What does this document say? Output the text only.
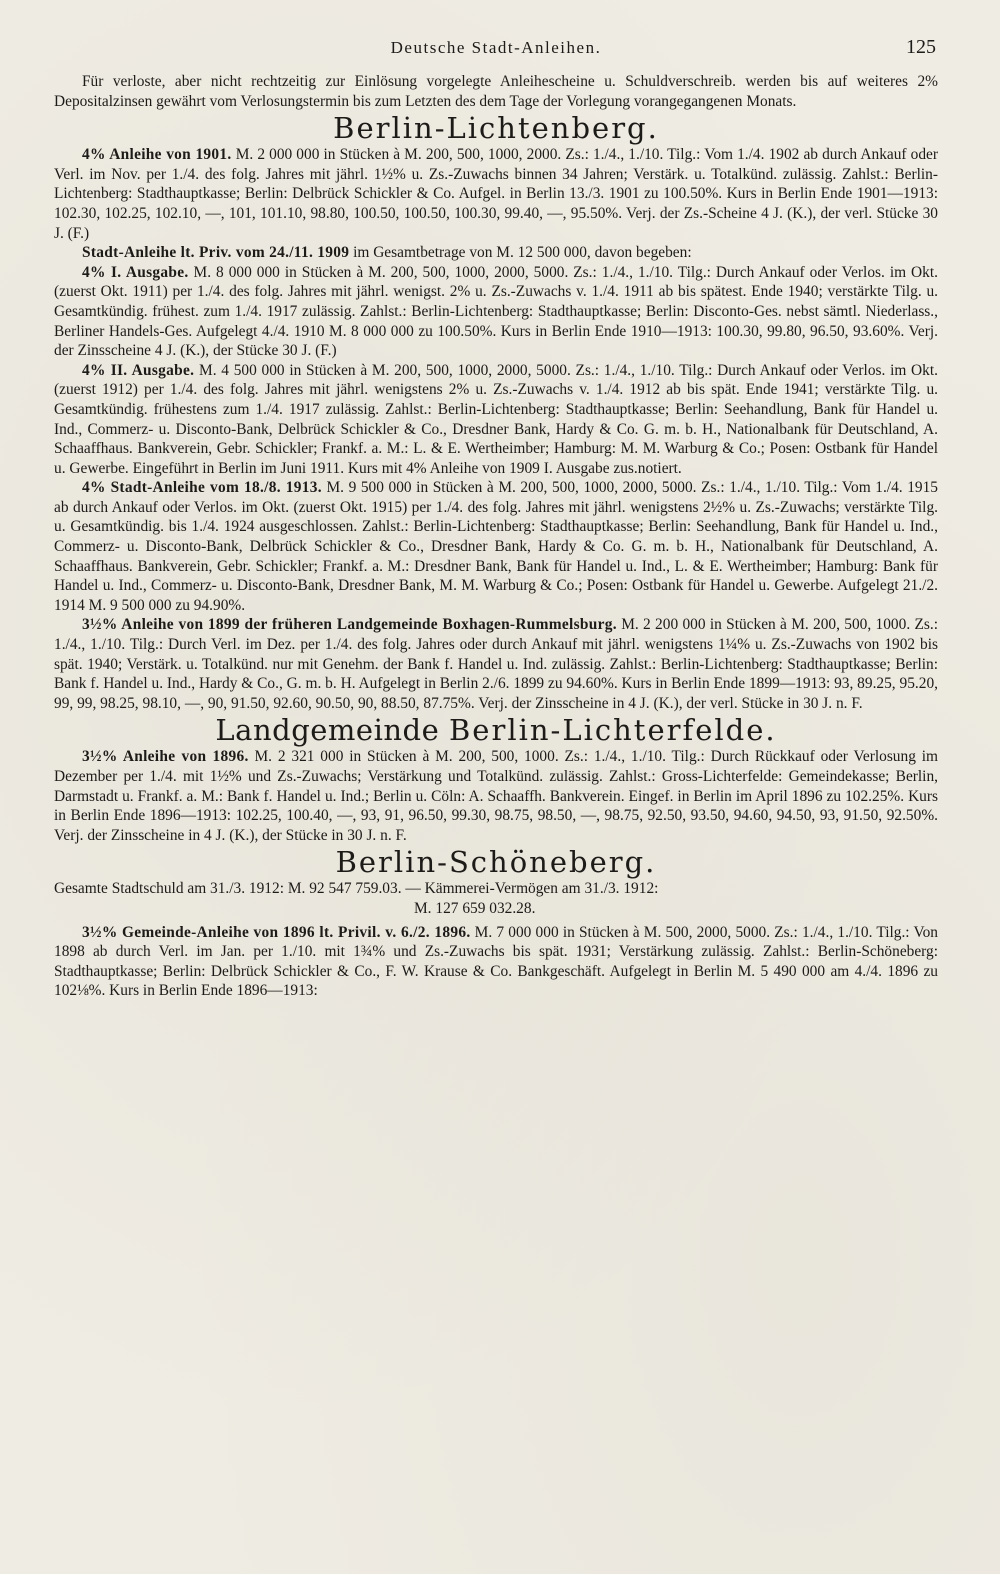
Deutsche Stadt-Anleihen.	125

Für verloste, aber nicht rechtzeitig zur Einlösung vorgelegte Anleihescheine u. Schuldverschreib. werden bis auf weiteres 2% Depositalzinsen gewährt vom Verlosungstermin bis zum Letzten des dem Tage der Vorlegung vorangegangenen Monats.

Berlin-Lichtenberg.

4% Anleihe von 1901. M. 2 000 000 in Stücken à M. 200, 500, 1000, 2000. Zs.: 1./4., 1./10. Tilg.: Vom 1./4. 1902 ab durch Ankauf oder Verl. im Nov. per 1./4. des folg. Jahres mit jährl. 1½% u. Zs.-Zuwachs binnen 34 Jahren; Verstärk. u. Totalkünd. zulässig. Zahlst.: Berlin-Lichtenberg: Stadthauptkasse; Berlin: Delbrück Schickler & Co. Aufgel. in Berlin 13./3. 1901 zu 100.50%. Kurs in Berlin Ende 1901—1913: 102.30, 102.25, 102.10, —, 101, 101.10, 98.80, 100.50, 100.50, 100.30, 99.40, —, 95.50%. Verj. der Zs.-Scheine 4 J. (K.), der verl. Stücke 30 J. (F.)

Stadt-Anleihe lt. Priv. vom 24./11. 1909 im Gesamtbetrage von M. 12 500 000, davon begeben:

4% I. Ausgabe. M. 8 000 000 in Stücken à M. 200, 500, 1000, 2000, 5000. Zs.: 1./4., 1./10. Tilg.: Durch Ankauf oder Verlos. im Okt. (zuerst Okt. 1911) per 1./4. des folg. Jahres mit jährl. wenigst. 2% u. Zs.-Zuwachs v. 1./4. 1911 ab bis spätest. Ende 1940; verstärkte Tilg. u. Gesamtkündig. frühest. zum 1./4. 1917 zulässig. Zahlst.: Berlin-Lichtenberg: Stadthauptkasse; Berlin: Disconto-Ges. nebst sämtl. Niederlass., Berliner Handels-Ges. Aufgelegt 4./4. 1910 M. 8 000 000 zu 100.50%. Kurs in Berlin Ende 1910—1913: 100.30, 99.80, 96.50, 93.60%. Verj. der Zinsscheine 4 J. (K.), der Stücke 30 J. (F.)

4% II. Ausgabe. M. 4 500 000 in Stücken à M. 200, 500, 1000, 2000, 5000. Zs.: 1./4., 1./10. Tilg.: Durch Ankauf oder Verlos. im Okt. (zuerst 1912) per 1./4. des folg. Jahres mit jährl. wenigstens 2% u. Zs.-Zuwachs v. 1./4. 1912 ab bis spät. Ende 1941; verstärkte Tilg. u. Gesamtkündig. frühestens zum 1./4. 1917 zulässig. Zahlst.: Berlin-Lichtenberg: Stadthauptkasse; Berlin: Seehandlung, Bank für Handel u. Ind., Commerz- u. Disconto-Bank, Delbrück Schickler & Co., Dresdner Bank, Hardy & Co. G. m. b. H., Nationalbank für Deutschland, A. Schaaffhaus. Bankverein, Gebr. Schickler; Frankf. a. M.: L. & E. Wertheimber; Hamburg: M. M. Warburg & Co.; Posen: Ostbank für Handel u. Gewerbe. Eingeführt in Berlin im Juni 1911. Kurs mit 4% Anleihe von 1909 I. Ausgabe zus.notiert.

4% Stadt-Anleihe vom 18./8. 1913. M. 9 500 000 in Stücken à M. 200, 500, 1000, 2000, 5000. Zs.: 1./4., 1./10. Tilg.: Vom 1./4. 1915 ab durch Ankauf oder Verlos. im Okt. (zuerst Okt. 1915) per 1./4. des folg. Jahres mit jährl. wenigstens 2½% u. Zs.-Zuwachs; verstärkte Tilg. u. Gesamtkündig. bis 1./4. 1924 ausgeschlossen. Zahlst.: Berlin-Lichtenberg: Stadthauptkasse; Berlin: Seehandlung, Bank für Handel u. Ind., Commerz- u. Disconto-Bank, Delbrück Schickler & Co., Dresdner Bank, Hardy & Co. G. m. b. H., Nationalbank für Deutschland, A. Schaaffhaus. Bankverein, Gebr. Schickler; Frankf. a. M.: Dresdner Bank, Bank für Handel u. Ind., L. & E. Wertheimber; Hamburg: Bank für Handel u. Ind., Commerz- u. Disconto-Bank, Dresdner Bank, M. M. Warburg & Co.; Posen: Ostbank für Handel u. Gewerbe. Aufgelegt 21./2. 1914 M. 9 500 000 zu 94.90%.

3½% Anleihe von 1899 der früheren Landgemeinde Boxhagen-Rummelsburg. M. 2 200 000 in Stücken à M. 200, 500, 1000. Zs.: 1./4., 1./10. Tilg.: Durch Verl. im Dez. per 1./4. des folg. Jahres oder durch Ankauf mit jährl. wenigstens 1¼% u. Zs.-Zuwachs von 1902 bis spät. 1940; Verstärk. u. Totalkünd. nur mit Genehm. der Bank f. Handel u. Ind. zulässig. Zahlst.: Berlin-Lichtenberg: Stadthauptkasse; Berlin: Bank f. Handel u. Ind., Hardy & Co., G. m. b. H. Aufgelegt in Berlin 2./6. 1899 zu 94.60%. Kurs in Berlin Ende 1899—1913: 93, 89.25, 95.20, 99, 99, 98.25, 98.10, —, 90, 91.50, 92.60, 90.50, 90, 88.50, 87.75%. Verj. der Zinsscheine in 4 J. (K.), der verl. Stücke in 30 J. n. F.

Landgemeinde Berlin-Lichterfelde.

3½% Anleihe von 1896. M. 2 321 000 in Stücken à M. 200, 500, 1000. Zs.: 1./4., 1./10. Tilg.: Durch Rückkauf oder Verlosung im Dezember per 1./4. mit 1½% und Zs.-Zuwachs; Verstärkung und Totalkünd. zulässig. Zahlst.: Gross-Lichterfelde: Gemeindekasse; Berlin, Darmstadt u. Frankf. a. M.: Bank f. Handel u. Ind.; Berlin u. Cöln: A. Schaaffh. Bankverein. Eingef. in Berlin im April 1896 zu 102.25%. Kurs in Berlin Ende 1896—1913: 102.25, 100.40, —, 93, 91, 96.50, 99.30, 98.75, 98.50, —, 98.75, 92.50, 93.50, 94.60, 94.50, 93, 91.50, 92.50%. Verj. der Zinsscheine in 4 J. (K.), der Stücke in 30 J. n. F.

Berlin-Schöneberg.
Gesamte Stadtschuld am 31./3. 1912: M. 92 547 759.03. — Kämmerei-Vermögen am 31./3. 1912:
M. 127 659 032.28.

3½% Gemeinde-Anleihe von 1896 lt. Privil. v. 6./2. 1896. M. 7 000 000 in Stücken à M. 500, 2000, 5000. Zs.: 1./4., 1./10. Tilg.: Von 1898 ab durch Verl. im Jan. per 1./10. mit 1¾% und Zs.-Zuwachs bis spät. 1931; Verstärkung zulässig. Zahlst.: Berlin-Schöneberg: Stadthauptkasse; Berlin: Delbrück Schickler & Co., F. W. Krause & Co. Bankgeschäft. Aufgelegt in Berlin M. 5 490 000 am 4./4. 1896 zu 102⅛%. Kurs in Berlin Ende 1896—1913:
